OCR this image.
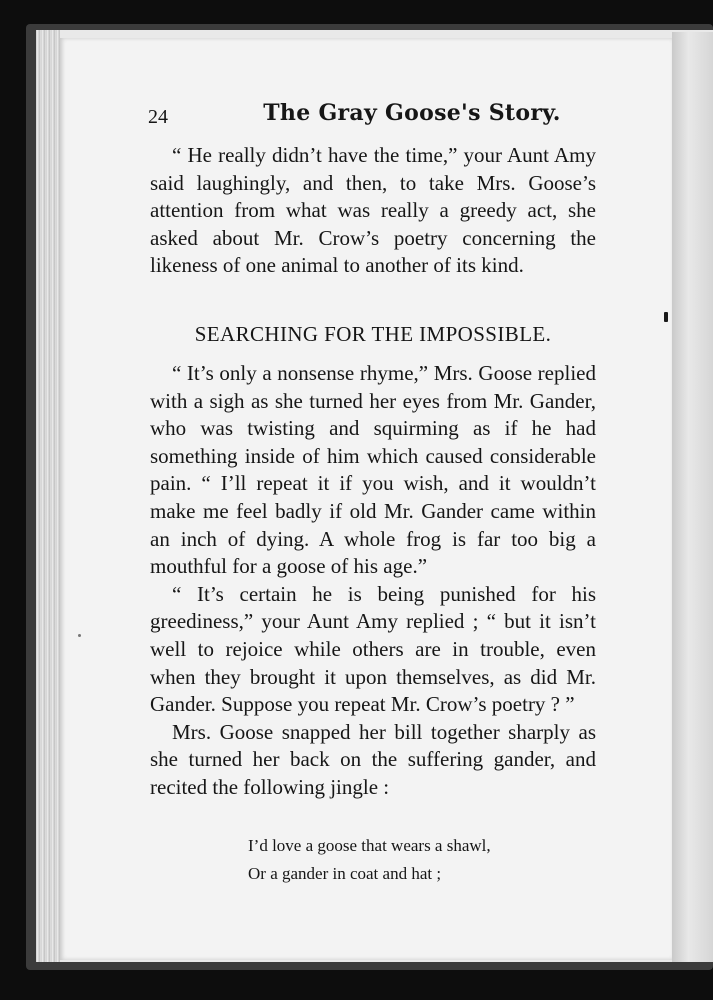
24	The Gray Goose's Story.

“ He really didn’t have the time,” your Aunt Amy said laughingly, and then, to take Mrs. Goose’s attention from what was really a greedy act, she asked about Mr. Crow’s poetry concerning the likeness of one animal to another of its kind.

SEARCHING FOR THE IMPOSSIBLE.

“ It’s only a nonsense rhyme,” Mrs. Goose replied with a sigh as she turned her eyes from Mr. Gander, who was twisting and squirming as if he had something inside of him which caused considerable pain. “ I’ll repeat it if you wish, and it wouldn’t make me feel badly if old Mr. Gander came within an inch of dying. A whole frog is far too big a mouthful for a goose of his age.”

“ It’s certain he is being punished for his greediness,” your Aunt Amy replied ; “ but it isn’t well to rejoice while others are in trouble, even when they brought it upon themselves, as did Mr. Gander. Suppose you repeat Mr. Crow’s poetry ? ”

Mrs. Goose snapped her bill together sharply as she turned her back on the suffering gander, and recited the following jingle :

I’d love a goose that wears a shawl,
Or a gander in coat and hat ;
